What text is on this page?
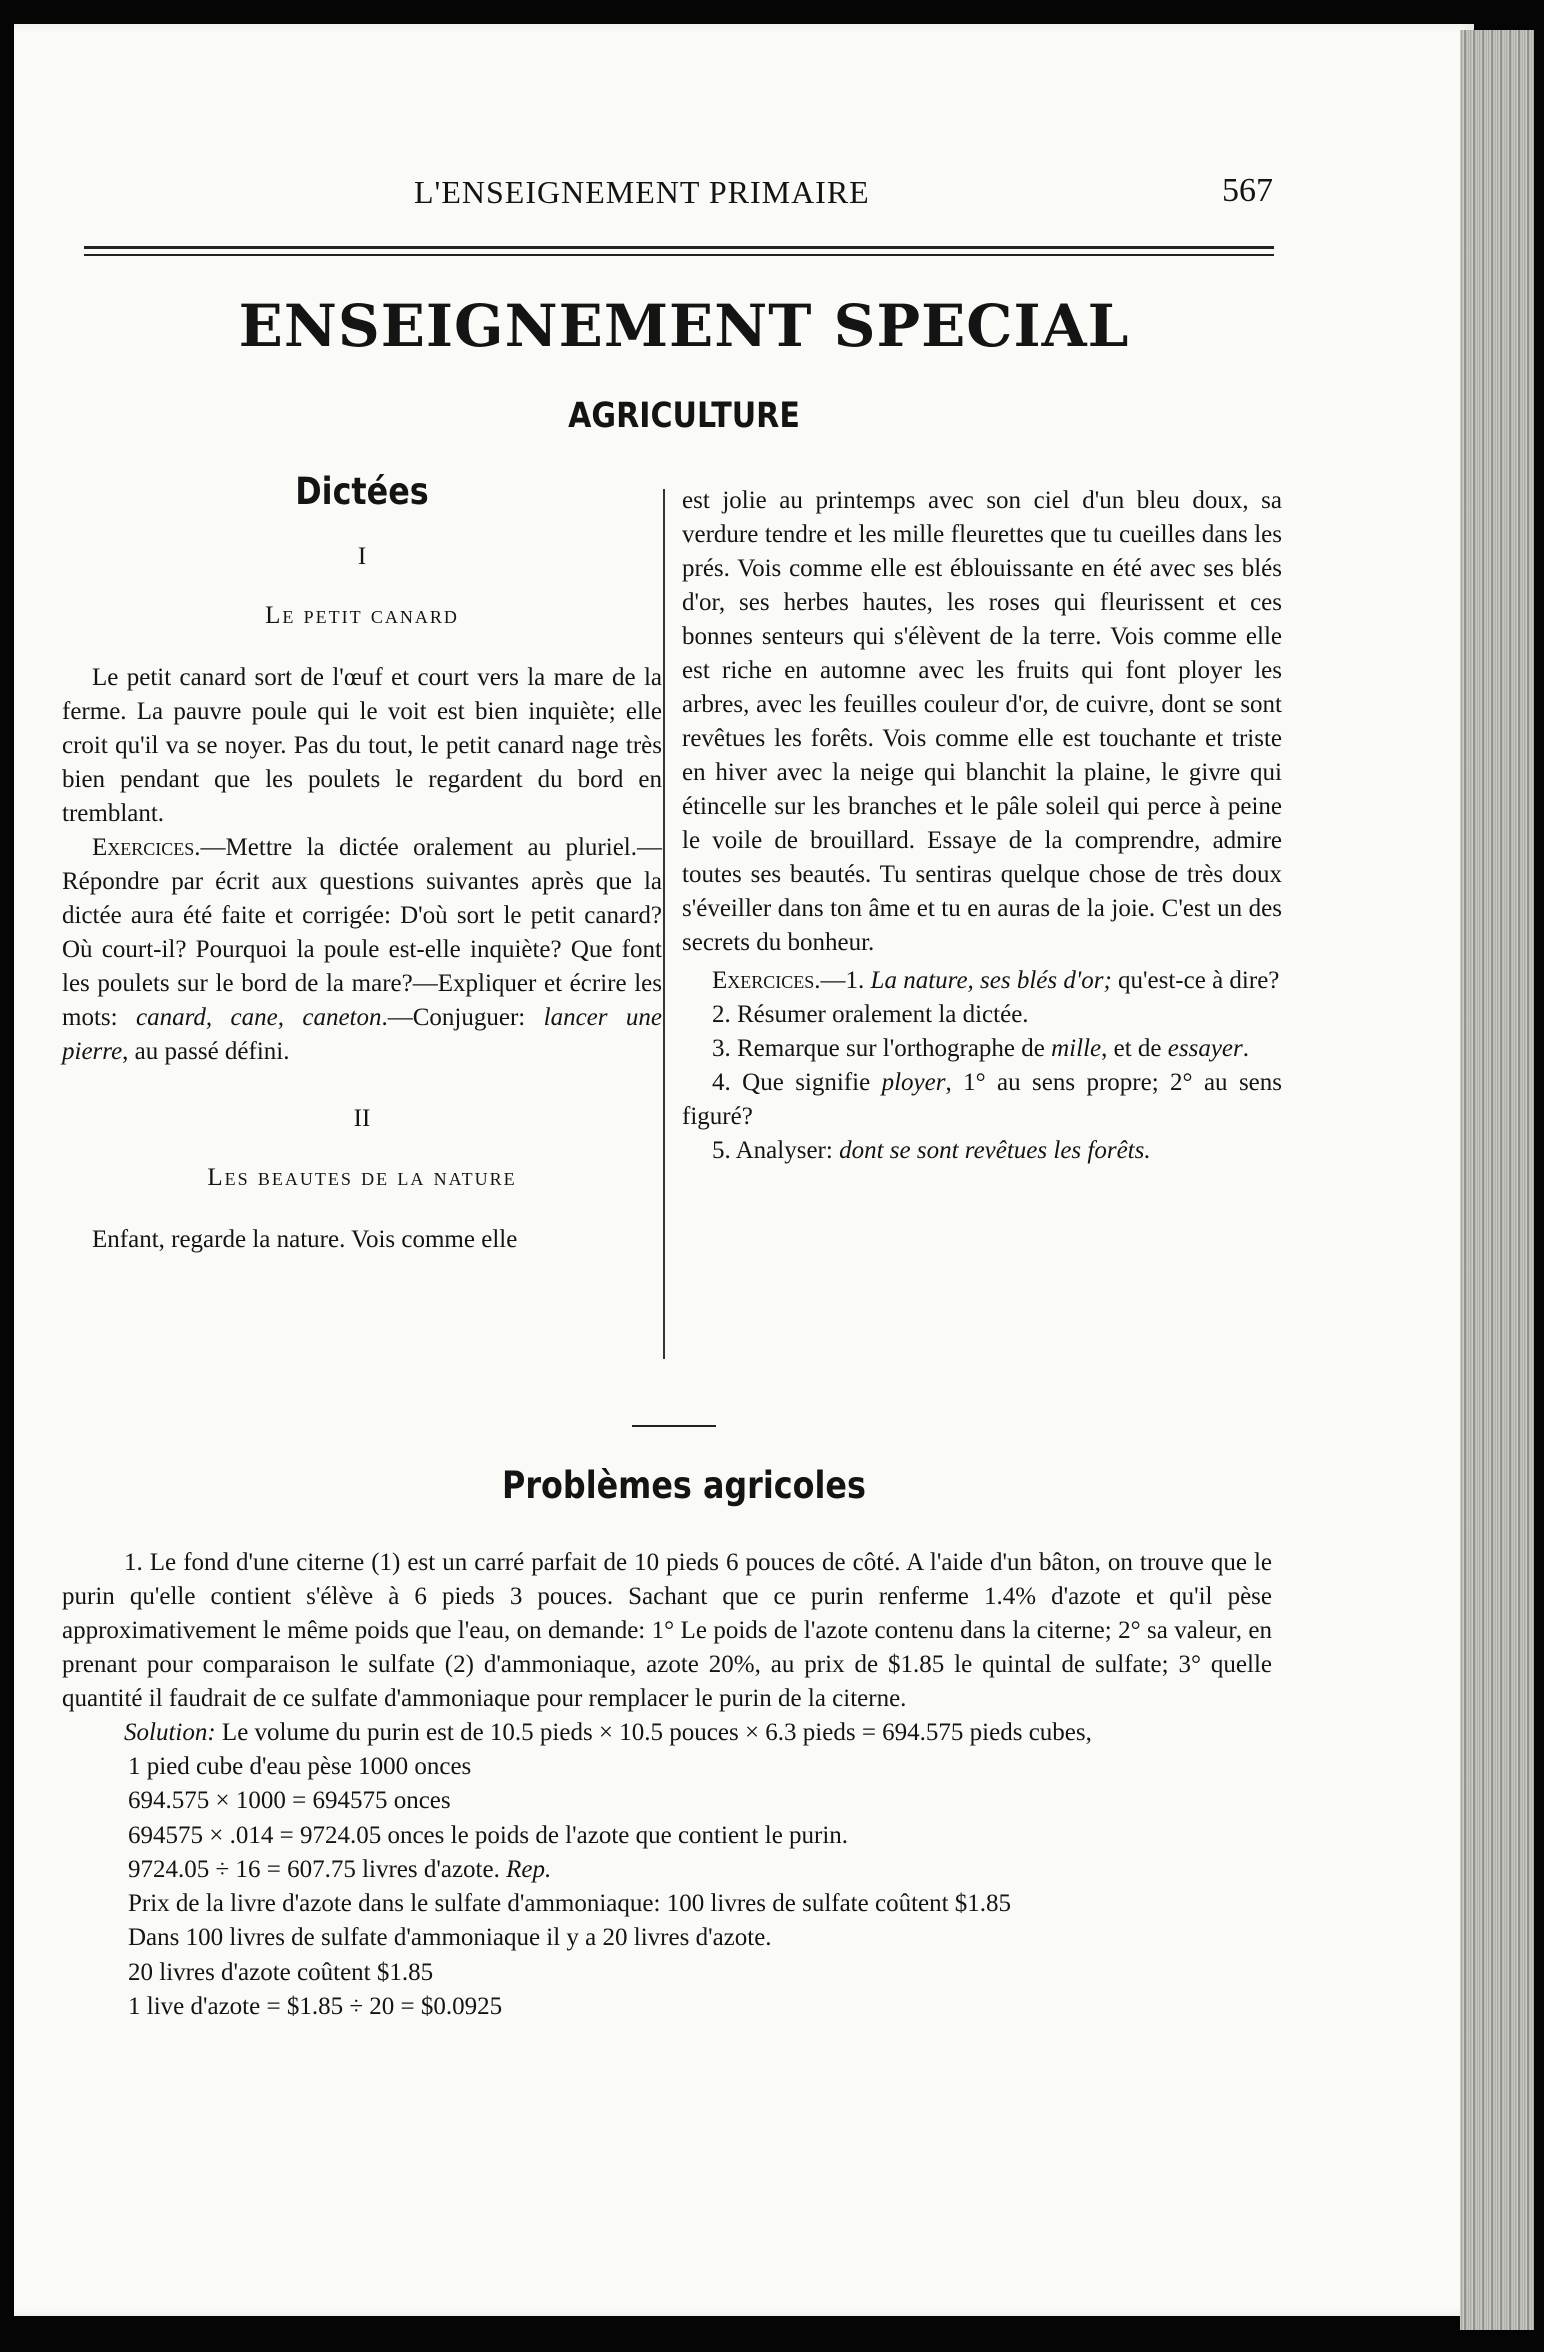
L'ENSEIGNEMENT PRIMAIRE	567
ENSEIGNEMENT SPECIAL
AGRICULTURE

Dictées

I

Le petit canard

Le petit canard sort de l'œuf et court vers la mare de la ferme. La pauvre poule qui le voit est bien inquiète; elle croit qu'il va se noyer. Pas du tout, le petit canard nage très bien pendant que les poulets le regardent du bord en tremblant.

Exercices.—Mettre la dictée oralement au pluriel.—Répondre par écrit aux questions suivantes après que la dictée aura été faite et corrigée: D'où sort le petit canard? Où court-il? Pourquoi la poule est-elle inquiète? Que font les poulets sur le bord de la mare?—Expliquer et écrire les mots: canard, cane, caneton.—Conjuguer: lancer une pierre, au passé défini.

II

Les beautes de la nature

Enfant, regarde la nature. Vois comme elle

est jolie au printemps avec son ciel d'un bleu doux, sa verdure tendre et les mille fleurettes que tu cueilles dans les prés. Vois comme elle est éblouissante en été avec ses blés d'or, ses herbes hautes, les roses qui fleurissent et ces bonnes senteurs qui s'élèvent de la terre. Vois comme elle est riche en automne avec les fruits qui font ployer les arbres, avec les feuilles couleur d'or, de cuivre, dont se sont revêtues les forêts. Vois comme elle est touchante et triste en hiver avec la neige qui blanchit la plaine, le givre qui étincelle sur les branches et le pâle soleil qui perce à peine le voile de brouillard. Essaye de la comprendre, admire toutes ses beautés. Tu sentiras quelque chose de très doux s'éveiller dans ton âme et tu en auras de la joie. C'est un des secrets du bonheur.

Exercices.—1. La nature, ses blés d'or; qu'est-ce à dire?

2. Résumer oralement la dictée.

3. Remarque sur l'orthographe de mille, et de essayer.

4. Que signifie ployer, 1° au sens propre; 2° au sens figuré?

5. Analyser: dont se sont revêtues les forêts.

Problèmes agricoles

1. Le fond d'une citerne (1) est un carré parfait de 10 pieds 6 pouces de côté. A l'aide d'un bâton, on trouve que le purin qu'elle contient s'élève à 6 pieds 3 pouces. Sachant que ce purin renferme 1.4% d'azote et qu'il pèse approximativement le même poids que l'eau, on demande: 1° Le poids de l'azote contenu dans la citerne; 2° sa valeur, en prenant pour comparaison le sulfate (2) d'ammoniaque, azote 20%, au prix de $1.85 le quintal de sulfate; 3° quelle quantité il faudrait de ce sulfate d'ammoniaque pour remplacer le purin de la citerne.

Solution: Le volume du purin est de 10.5 pieds × 10.5 pouces × 6.3 pieds = 694.575 pieds cubes,

1 pied cube d'eau pèse 1000 onces
694.575 × 1000 = 694575 onces
694575 × .014 = 9724.05 onces le poids de l'azote que contient le purin.
9724.05 ÷ 16 = 607.75 livres d'azote. Rep.
Prix de la livre d'azote dans le sulfate d'ammoniaque: 100 livres de sulfate coûtent $1.85
Dans 100 livres de sulfate d'ammoniaque il y a 20 livres d'azote.
20 livres d'azote coûtent $1.85
1 live d'azote = $1.85 ÷ 20 = $0.0925
